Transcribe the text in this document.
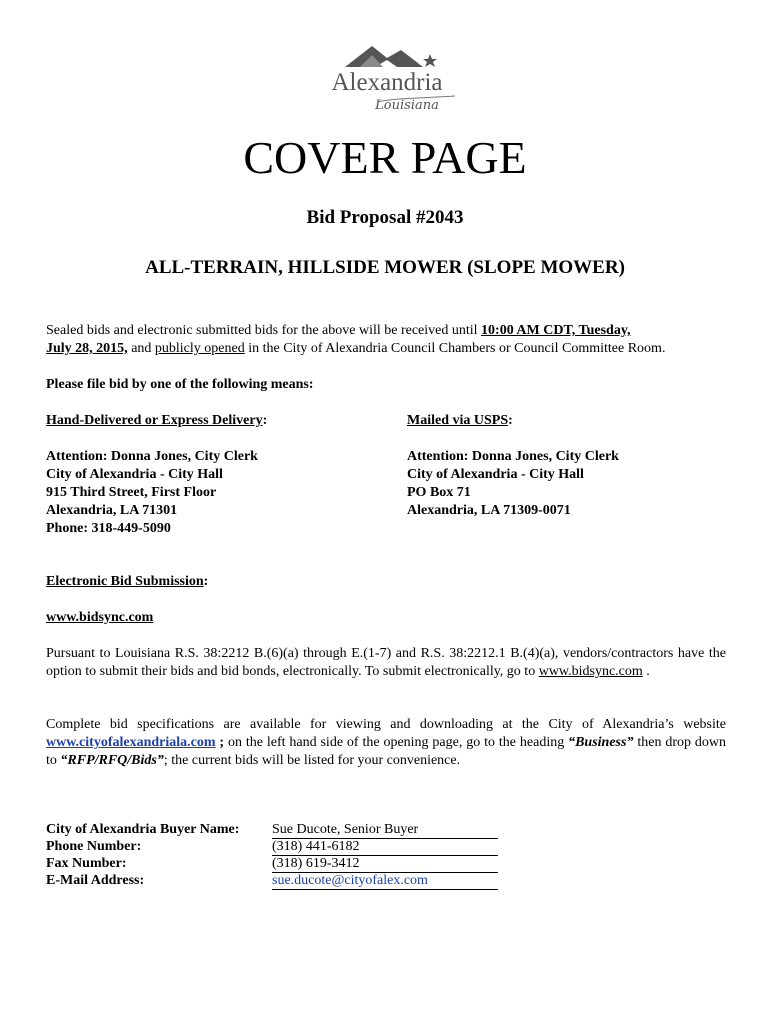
Alexandria
Louisiana
COVER PAGE
Bid Proposal #2043
ALL-TERRAIN, HILLSIDE MOWER (SLOPE MOWER)
Sealed bids and electronic submitted bids for the above will be received until 10:00 AM CDT, Tuesday,
July 28, 2015, and publicly opened in the City of Alexandria Council Chambers or Council Committee Room.
Please file bid by one of the following means:
Hand-Delivered or Express Delivery:
Attention: Donna Jones, City Clerk
City of Alexandria - City Hall
915 Third Street, First Floor
Alexandria, LA 71301
Phone: 318-449-5090
Mailed via USPS:
Attention: Donna Jones, City Clerk
City of Alexandria - City Hall
PO Box 71
Alexandria, LA 71309-0071
Electronic Bid Submission:
www.bidsync.com
Pursuant to Louisiana R.S. 38:2212 B.(6)(a) through E.(1-7) and R.S. 38:2212.1 B.(4)(a), vendors/contractors have the option to submit their bids and bid bonds, electronically. To submit electronically, go to www.bidsync.com .
Complete bid specifications are available for viewing and downloading at the City of Alexandria’s website www.cityofalexandriala.com ; on the left hand side of the opening page, go to the heading “Business” then drop down to “RFP/RFQ/Bids”; the current bids will be listed for your convenience.
City of Alexandria Buyer Name:	Sue Ducote, Senior Buyer
Phone Number:	(318) 441-6182
Fax Number:	(318) 619-3412
E-Mail Address:	sue.ducote@cityofalex.com
